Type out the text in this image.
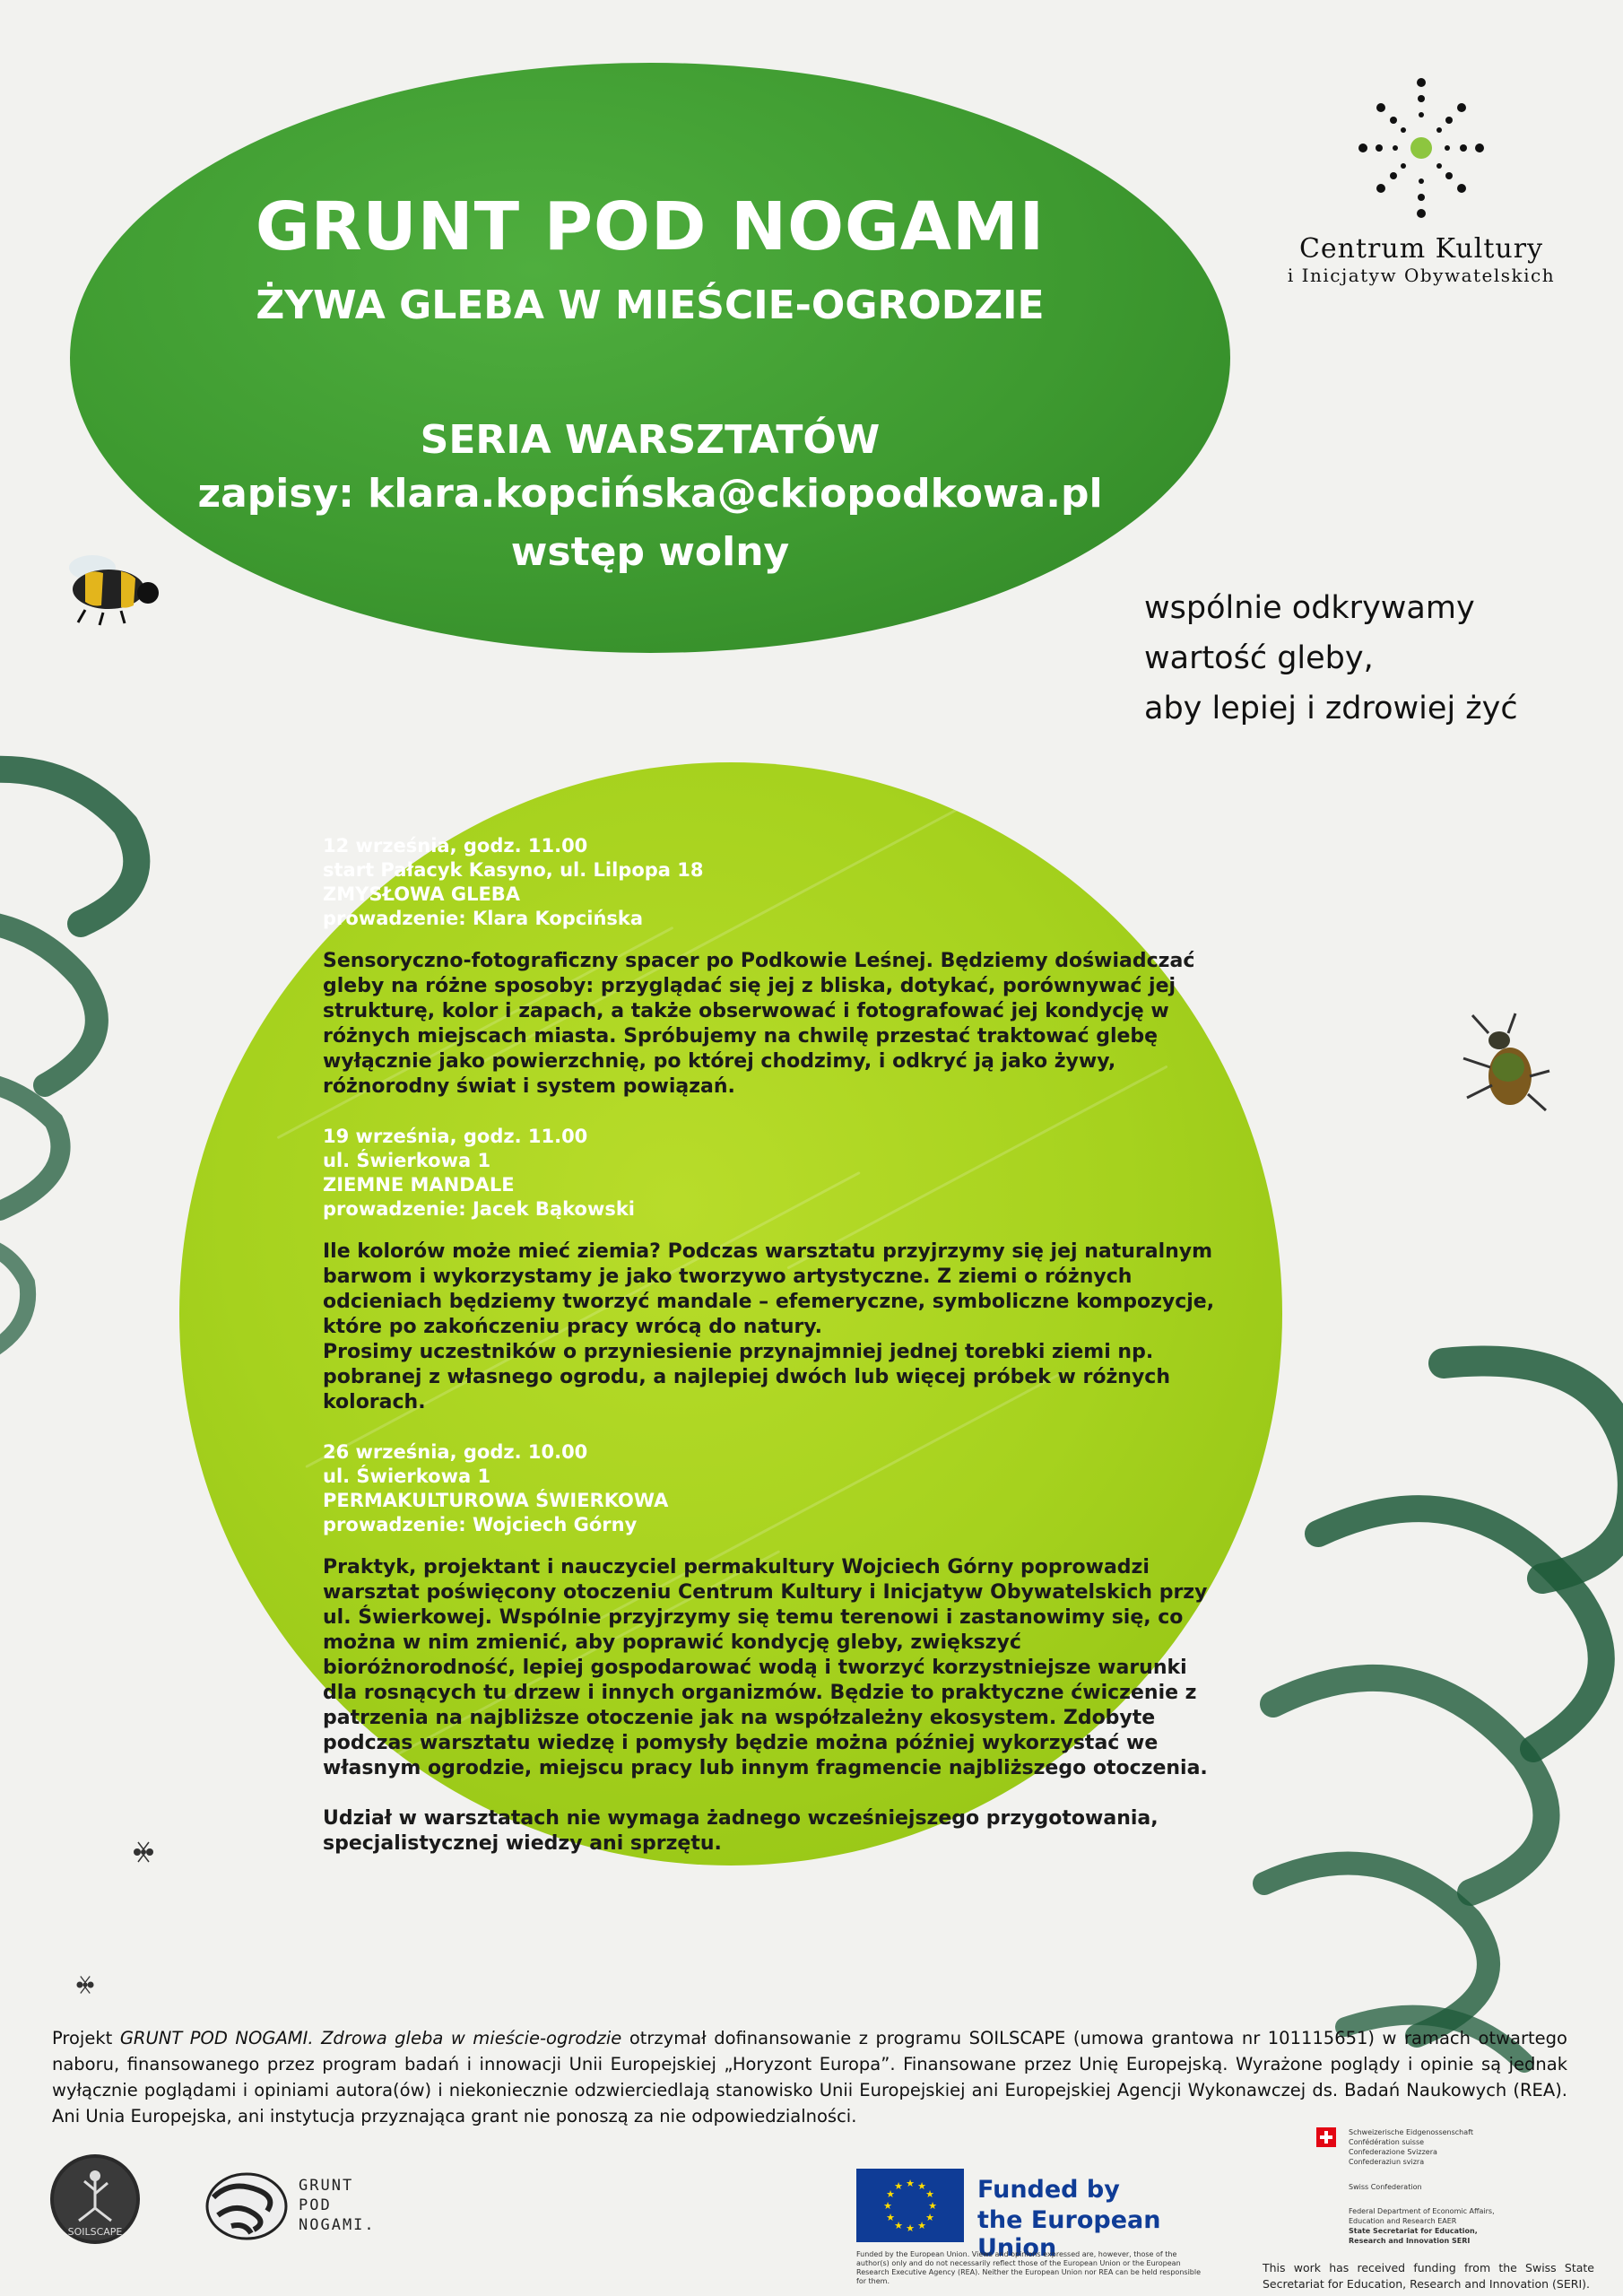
GRUNT POD NOGAMI
ŻYWA GLEBA W MIEŚCIE-OGRODZIE
SERIA WARSZTATÓW
zapisy: klara.kopcińska@ckiopodkowa.pl
wstęp wolny
Centrum Kultury
i Inicjatyw Obywatelskich
wspólnie odkrywamy
wartość gleby,
aby lepiej i zdrowiej żyć
12 września, godz. 11.00
start Pałacyk Kasyno, ul. Lilpopa 18
ZMYSŁOWA GLEBA
prowadzenie: Klara Kopcińska
Sensoryczno-fotograficzny spacer po Podkowie Leśnej. Będziemy doświadczać gleby na różne sposoby: przyglądać się jej z bliska, dotykać, porównywać jej strukturę, kolor i zapach, a także obserwować i fotografować jej kondycję w różnych miejscach miasta. Spróbujemy na chwilę przestać traktować glebę wyłącznie jako powierzchnię, po której chodzimy, i odkryć ją jako żywy, różnorodny świat i system powiązań.
19 września, godz. 11.00
ul. Świerkowa 1
ZIEMNE MANDALE
prowadzenie: Jacek Bąkowski
Ile kolorów może mieć ziemia? Podczas warsztatu przyjrzymy się jej naturalnym barwom i wykorzystamy je jako tworzywo artystyczne. Z ziemi o różnych odcieniach będziemy tworzyć mandale – efemeryczne, symboliczne kompozycje, które po zakończeniu pracy wrócą do natury.
Prosimy uczestników o przyniesienie przynajmniej jednej torebki ziemi np. pobranej z własnego ogrodu, a najlepiej dwóch lub więcej próbek w różnych kolorach.
26 września, godz. 10.00
ul. Świerkowa 1
PERMAKULTUROWA ŚWIERKOWA
prowadzenie: Wojciech Górny
Praktyk, projektant i nauczyciel permakultury Wojciech Górny poprowadzi warsztat poświęcony otoczeniu Centrum Kultury i Inicjatyw Obywatelskich przy ul. Świerkowej. Wspólnie przyjrzymy się temu terenowi i zastanowimy się, co można w nim zmienić, aby poprawić kondycję gleby, zwiększyć bioróżnorodność, lepiej gospodarować wodą i tworzyć korzystniejsze warunki dla rosnących tu drzew i innych organizmów. Będzie to praktyczne ćwiczenie z patrzenia na najbliższe otoczenie jak na współzależny ekosystem. Zdobyte podczas warsztatu wiedzę i pomysły będzie można później wykorzystać we własnym ogrodzie, miejscu pracy lub innym fragmencie najbliższego otoczenia.
Udział w warsztatach nie wymaga żadnego wcześniejszego przygotowania, specjalistycznej wiedzy ani sprzętu.
Projekt GRUNT POD NOGAMI. Zdrowa gleba w mieście-ogrodzie otrzymał dofinansowanie z programu SOILSCAPE (umowa grantowa nr 101115651) w ramach otwartego naboru, finansowanego przez program badań i innowacji Unii Europejskiej „Horyzont Europa”. Finansowane przez Unię Europejską. Wyrażone poglądy i opinie są jednak wyłącznie poglądami i opiniami autora(ów) i niekoniecznie odzwierciedlają stanowisko Unii Europejskiej ani Europejskiej Agencji Wykonawczej ds. Badań Naukowych (REA). Ani Unia Europejska, ani instytucja przyznająca grant nie ponoszą za nie odpowiedzialności.
SOILSCAPE
GRUNT
POD
NOGAMI.
★ ★
★
★
★
★
★
★
★
★
★
★	Funded by
the European Union
Funded by the European Union. Views and opinions expressed are, however, those of the author(s) only and do not necessarily reflect those of the European Union or the European Research Executive Agency (REA). Neither the European Union nor REA can be held responsible for them.
Schweizerische Eidgenossenschaft
Confédération suisse
Confederazione Svizzera
Confederaziun svizra
Swiss Confederation
Federal Department of Economic Affairs,
Education and Research EAER
State Secretariat for Education,
Research and Innovation SERI
This work has received funding from the Swiss State Secretariat for Education, Research and Innovation (SERI).
